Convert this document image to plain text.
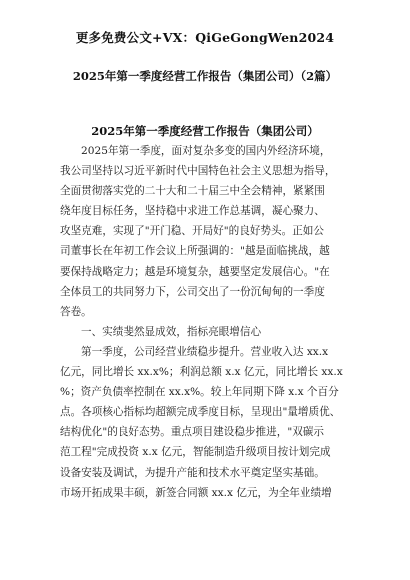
更多免费公文+VX：QiGeGongWen2024
2025年第一季度经营工作报告（集团公司）（2篇）
2025年第一季度经营工作报告（集团公司）

2025年第一季度，面对复杂多变的国内外经济环境，
我公司坚持以习近平新时代中国特色社会主义思想为指导，
全面贯彻落实党的二十大和二十届三中全会精神，紧紧围
绕年度目标任务，坚持稳中求进工作总基调，凝心聚力、
攻坚克难，实现了"开门稳、开局好"的良好势头。正如公
司董事长在年初工作会议上所强调的："越是面临挑战，越
要保持战略定力；越是环境复杂，越要坚定发展信心。"在
全体员工的共同努力下，公司交出了一份沉甸甸的一季度
答卷。

一、实绩斐然显成效，指标亮眼增信心

第一季度，公司经营业绩稳步提升。营业收入达 xx.x
亿元，同比增长 xx.x%；利润总额 x.x 亿元，同比增长 xx.x
%；资产负债率控制在 xx.x%。较上年同期下降 x.x 个百分
点。各项核心指标均超额完成季度目标，呈现出"量增质优、
结构优化"的良好态势。重点项目建设稳步推进，"双碳示
范工程"完成投资 x.x 亿元，智能制造升级项目按计划完成
设备安装及调试，为提升产能和技术水平奠定坚实基础。
市场开拓成果丰硕，新签合同额 xx.x 亿元，为全年业绩增
